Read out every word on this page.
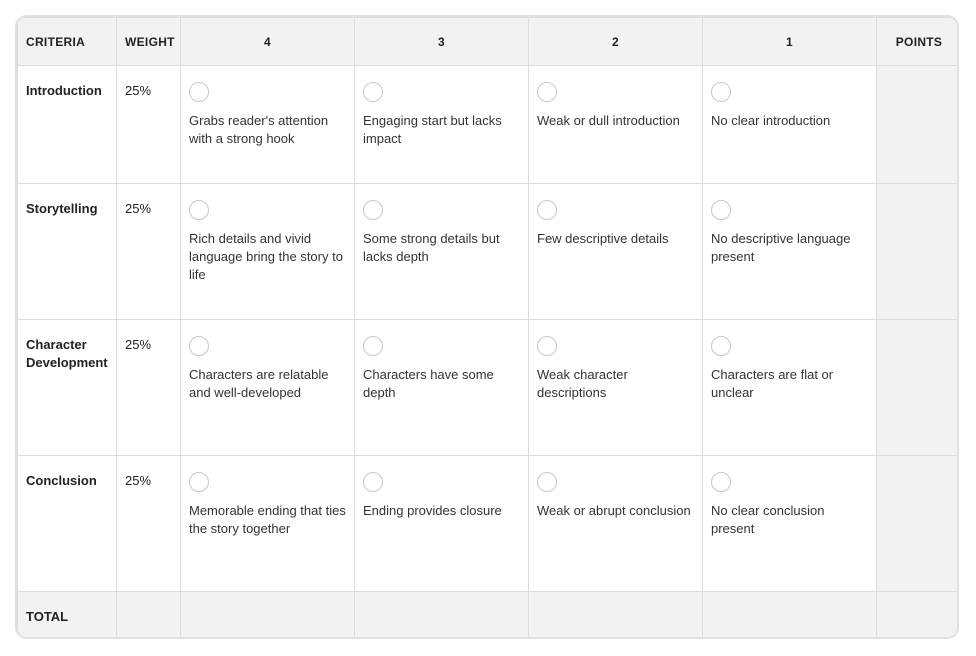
CRITERIA	WEIGHT	4	3	2	1	POINTS
Introduction	25%	Grabs reader's attention with a strong hook	Engaging start but lacks impact	Weak or dull introduction	No clear introduction	

Storytelling	25%	Rich details and vivid language bring the story to life	Some strong details but lacks depth	Few descriptive details	No descriptive language present	

Character Development	25%	Characters are relatable and well-developed	Characters have some depth	Weak character descriptions	Characters are flat or unclear	

Conclusion	25%	Memorable ending that ties the story together	Ending provides closure	Weak or abrupt conclusion	No clear conclusion present	

TOTAL						
